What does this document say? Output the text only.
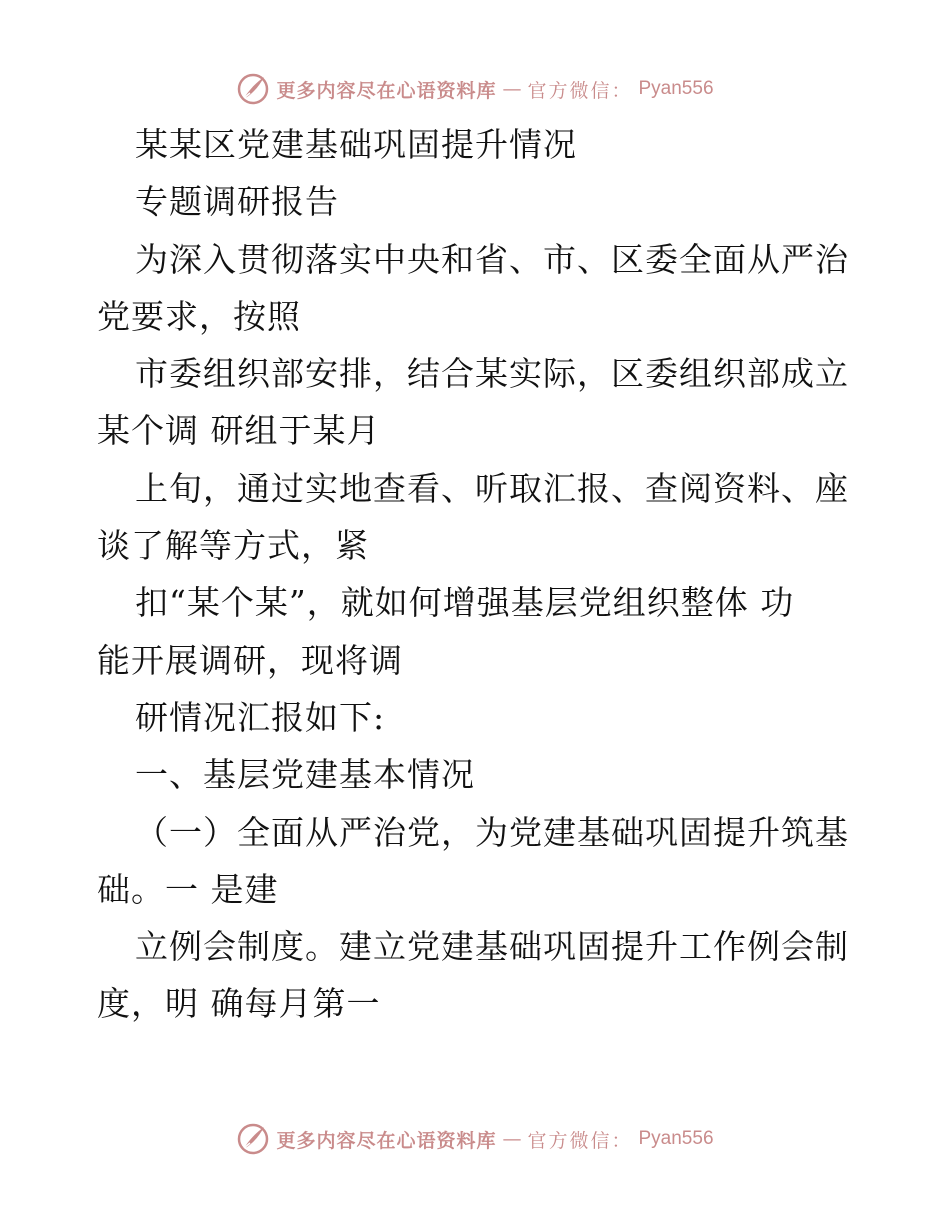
更多内容尽在心语资料库 — 官方微信： Pyan556
某某区党建基础巩固提升情况
专题调研报告
为深入贯彻落实中央和省、市、区委全面从严治
党要求，按照
市委组织部安排，结合某实际，区委组织部成立
某个调 研组于某月
上旬，通过实地查看、听取汇报、查阅资料、座
谈了解等方式，紧
扣“某个某”，就如何增强基层党组织整体 功
能开展调研，现将调
研情况汇报如下:
一、基层党建基本情况
（一）全面从严治党，为党建基础巩固提升筑基
础。一 是建
立例会制度。建立党建基础巩固提升工作例会制
度，明 确每月第一
更多内容尽在心语资料库 — 官方微信： Pyan556
